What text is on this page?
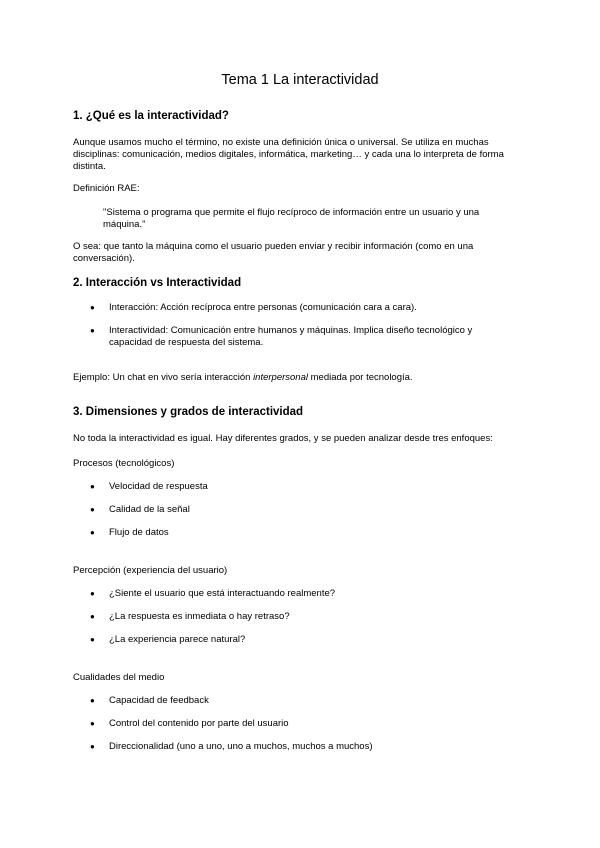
Tema 1 La interactividad
1. ¿Qué es la interactividad?

Aunque usamos mucho el término, no existe una definición única o universal. Se utiliza en muchas disciplinas: comunicación, medios digitales, informática, marketing… y cada una lo interpreta de forma distinta.

Definición RAE:

"Sistema o programa que permite el flujo recíproco de información entre un usuario y una máquina."

O sea: que tanto la máquina como el usuario pueden enviar y recibir información (como en una conversación).

2. Interacción vs Interactividad
●	Interacción: Acción recíproca entre personas (comunicación cara a cara).
●	Interactividad: Comunicación entre humanos y máquinas. Implica diseño tecnológico y capacidad de respuesta del sistema.

Ejemplo: Un chat en vivo sería interacción interpersonal mediada por tecnología.

3. Dimensiones y grados de interactividad

No toda la interactividad es igual. Hay diferentes grados, y se pueden analizar desde tres enfoques:

Procesos (tecnológicos)

●	Velocidad de respuesta
●	Calidad de la señal
●	Flujo de datos

Percepción (experiencia del usuario)

●	¿Siente el usuario que está interactuando realmente?
●	¿La respuesta es inmediata o hay retraso?
●	¿La experiencia parece natural?

Cualidades del medio

●	Capacidad de feedback
●	Control del contenido por parte del usuario
●	Direccionalidad (uno a uno, uno a muchos, muchos a muchos)
